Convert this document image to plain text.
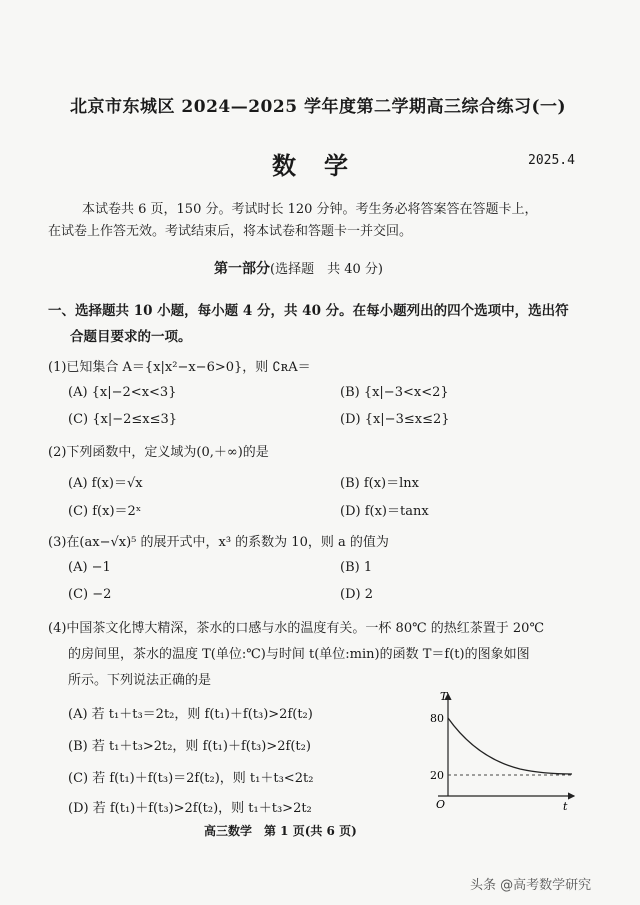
北京市东城区 2024—2025 学年度第二学期高三综合练习(一)
数学	2025.4
本试卷共 6 页，150 分。考试时长 120 分钟。考生务必将答案答在答题卡上，
在试卷上作答无效。考试结束后，将本试卷和答题卡一并交回。
第一部分(选择题　共 40 分)
一、选择题共 10 小题，每小题 4 分，共 40 分。在每小题列出的四个选项中，选出符
合题目要求的一项。
(1)已知集合 A＝{x|x²−x−6>0}，则 ∁ʀA＝
(A) {x|−2<x<3}	(B) {x|−3<x<2}
(C) {x|−2≤x≤3}	(D) {x|−3≤x≤2}
(2)下列函数中，定义域为(0,＋∞)的是
(A) f(x)＝√x	(B) f(x)＝lnx
(C) f(x)＝2ˣ	(D) f(x)＝tanx
(3)在(ax−√x)⁵ 的展开式中，x³ 的系数为 10，则 a 的值为
(A) −1	(B) 1
(C) −2	(D) 2
(4)中国茶文化博大精深，茶水的口感与水的温度有关。一杯 80℃ 的热红茶置于 20℃
的房间里，茶水的温度 T(单位:℃)与时间 t(单位:min)的函数 T＝f(t)的图象如图
所示。下列说法正确的是
(A) 若 t₁＋t₃＝2t₂，则 f(t₁)＋f(t₃)>2f(t₂)
(B) 若 t₁＋t₃>2t₂，则 f(t₁)＋f(t₃)>2f(t₂)
(C) 若 f(t₁)＋f(t₃)＝2f(t₂)，则 t₁＋t₃<2t₂
(D) 若 f(t₁)＋f(t₃)>2f(t₂)，则 t₁＋t₃>2t₂
T
t
O
80
20
高三数学　第 1 页(共 6 页)
头条 @高考数学研究
